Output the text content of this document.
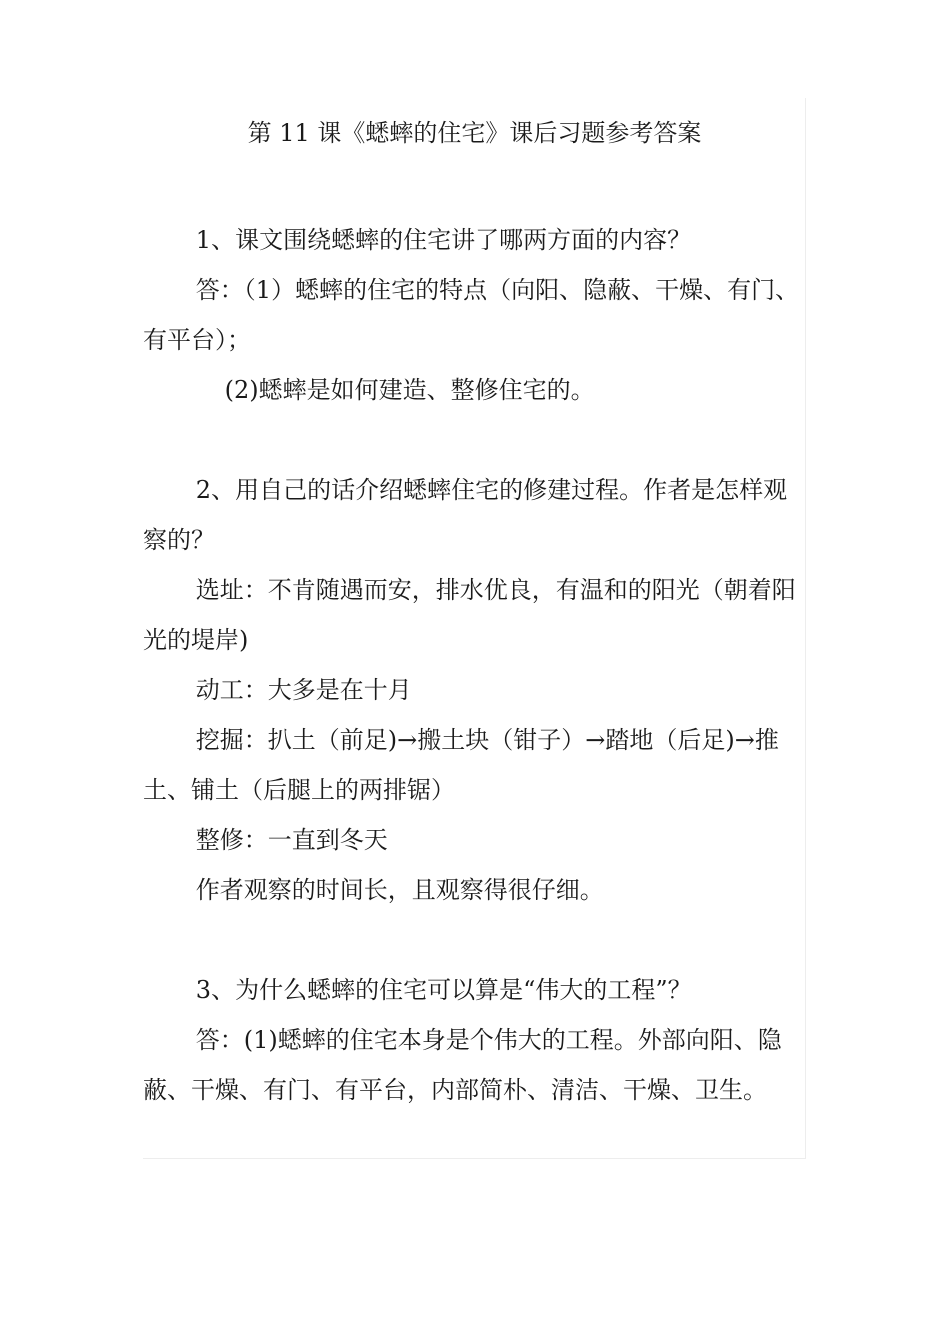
第 11 课《蟋蟀的住宅》课后习题参考答案

1、课文围绕蟋蟀的住宅讲了哪两方面的内容？

答：（1）蟋蟀的住宅的特点（向阳、隐蔽、干燥、有门、有平台）；

(2)蟋蟀是如何建造、整修住宅的。

2、用自己的话介绍蟋蟀住宅的修建过程。作者是怎样观察的？

选址：不肯随遇而安，排水优良，有温和的阳光（朝着阳光的堤岸)

动工：大多是在十月

挖掘：扒土（前足)→搬土块（钳子）→踏地（后足)→推土、铺土（后腿上的两排锯）

整修：一直到冬天

作者观察的时间长，且观察得很仔细。

3、为什么蟋蟀的住宅可以算是“伟大的工程”？

答：(1)蟋蟀的住宅本身是个伟大的工程。外部向阳、隐蔽、干燥、有门、有平台，内部简朴、清洁、干燥、卫生。
